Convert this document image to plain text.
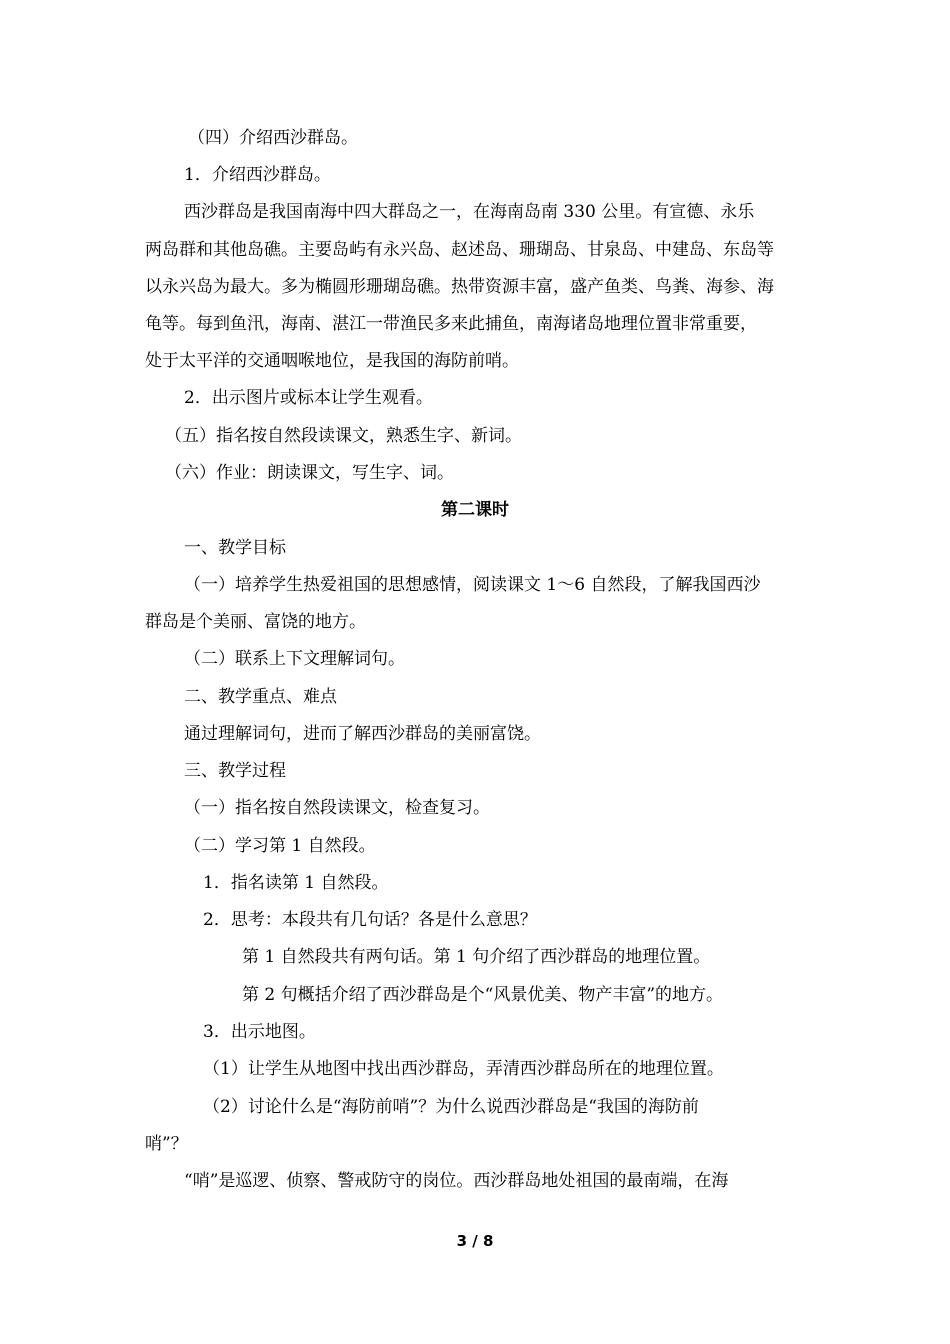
（四）介绍西沙群岛。
1．介绍西沙群岛。
西沙群岛是我国南海中四大群岛之一，在海南岛南 330 公里。有宣德、永乐
两岛群和其他岛礁。主要岛屿有永兴岛、赵述岛、珊瑚岛、甘泉岛、中建岛、东岛等
以永兴岛为最大。多为椭圆形珊瑚岛礁。热带资源丰富，盛产鱼类、鸟粪、海参、海
龟等。每到鱼汛，海南、湛江一带渔民多来此捕鱼，南海诸岛地理位置非常重要，
处于太平洋的交通咽喉地位，是我国的海防前哨。
2．出示图片或标本让学生观看。
（五）指名按自然段读课文，熟悉生字、新词。
（六）作业：朗读课文，写生字、词。
第二课时
一、教学目标
（一）培养学生热爱祖国的思想感情，阅读课文 1～6 自然段，了解我国西沙
群岛是个美丽、富饶的地方。
（二）联系上下文理解词句。
二、教学重点、难点
通过理解词句，进而了解西沙群岛的美丽富饶。
三、教学过程
（一）指名按自然段读课文，检查复习。
（二）学习第 1 自然段。
1．指名读第 1 自然段。
2．思考：本段共有几句话？各是什么意思？
第 1 自然段共有两句话。第 1 句介绍了西沙群岛的地理位置。
第 2 句概括介绍了西沙群岛是个“风景优美、物产丰富”的地方。
3．出示地图。
（1）让学生从地图中找出西沙群岛，弄清西沙群岛所在的地理位置。
（2）讨论什么是“海防前哨”？为什么说西沙群岛是“我国的海防前
哨”？
“哨”是巡逻、侦察、警戒防守的岗位。西沙群岛地处祖国的最南端，在海
3 / 8
